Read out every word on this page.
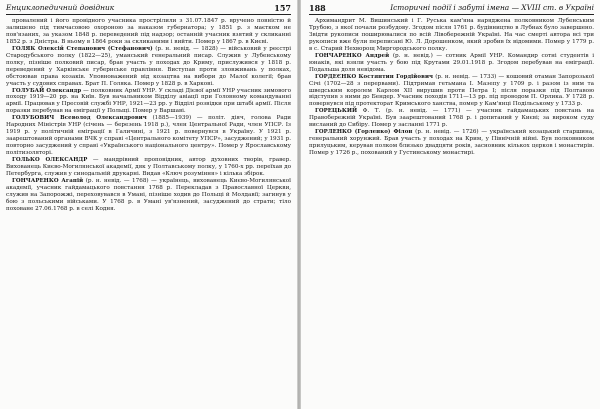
Енциклопедичний довідник	157

провалений і його провідного учасника прострілили з 31.07.1847 р. вручено повністю й залишено під тимчасовою охороною за наказом губернатора; у 1851 р. з маєтком не пов'язаних, за указом 1848 р. переведений під надзор; останній учасник взятий у скликанні 1852 р. з Дністра. В ньому в 1864 роки за скликаними і вийти. Помер у 1867 р. в Києві.

ГОЛЯК Олексій Степанович (Стефанович) (р. н. невід. — 1828) — військовий у реєстрі Стародубського полку (1822—25), уманський генеральний писар. Служив у Лубенському полку, пізніше полковий писар, брав участь у походах до Криму, прислужився у 1818 р. переведений у Харківське губернське правління. Виступав проти зловживань у полках, обстоював права козаків. Уповноважений від козацтва на вибори до Малої колегії; брав участь у судових справах. Брат П. Голяка. Помер у 1828 р. в Харкові.

ГОЛУБАЙ Олександр — полковник Армії УНР. У складі Дієвої армії УНР учасник зимового походу 1919—20 рр. на Київ. Був начальником Відділу авіації при Головному командуванні армії. Працював у Пресовій службі УНР, 1921—23 рр. у Відділі розвідки при штабі армії. Після поразки перебував на еміграції у Польщі. Помер у Варшаві.

ГОЛУБОВИЧ Всеволод Олександрович (1885—1939) — політ. діяч, голова Ради Народних Міністрів УНР (січень — березень 1918 р.), член Центральної Ради, член УПСР. Із 1919 р. у політичній еміграції в Галичині, з 1921 р. повернувся в Україну. У 1921 р. заарештований органами ВЧК у справі «Центрального комітету УПСР», засуджений; у 1931 р. повторно засуджений у справі «Українського національного центру». Помер у Ярославському політизоляторі.

ГОЛЬКО ОЛЕКСАНДР — мандрівний проповідник, автор духовних творів, гравер. Вихованець Києво-Могилянської академії, дяк у Полтавському полку, у 1760-х рр. переїхав до Петербурга, служив у синодальній друкарні. Видав «Ключ розуміння» і кілька збірок.

ГОНЧАРЕНКО Агапій (р. н. невід. — 1768) — українець, вихованець Києво-Могилянської академії, учасник гайдамацького повстання 1768 р. Перекладав з Православної Церкви, служив на Запорожжі, переховувався в Умані, пізніше ходив до Польщі й Молдавії; загинув у бою з польськими військами. У 1768 р. в Умані ув'язнений, засуджений до страти; тіло поховане 27.06.1768 р. в селі Кодня.

188	Історичні події і забуті імена — XVIII ст. в Україні

Архимандрит М. Вишинський і Г. Руська кам'яна наряджена полковником Лубенським Трубою, з якої почали розбудову. Згодом після 1761 р. будівництво в Лубнах було завершено. Звідти рукописи поширювалися по всій Лівобережній Україні. На час смерті автора всі три рукописи вже були переписані Ю. Л. Дорошенком, який зробив їх відомими. Помер у 1779 р. в с. Старий Нехворощ Миргородського полку.

ГОНЧАРЕНКО Андрей (р. н. невід.) — сотник Армії УНР. Командир сотні студентів і юнаків, які взяли участь у бою під Крутами 29.01.1918 р. Згодом перебував на еміграції. Подальша доля невідома.

ГОРДЕЄНКО Костянтин Гордійович (р. н. невід. — 1733) — кошовий отаман Запорозької Січі (1702—28 з перервами). Підтримав гетьмана І. Мазепу у 1709 р. і разом із ним та шведським королем Карлом XII вирушив проти Петра I; після поразки під Полтавою відступив з ними до Бендер. Учасник походів 1711—13 рр. під проводом П. Орлика. У 1728 р. повернувся під протекторат Кримського ханства, помер у Кам'янці Подільському у 1733 р.

ГОРЕЦЬКИЙ Ф. Т. (р. н. невід. — 1771) — учасник гайдамацьких повстань на Правобережній Україні. Був заарештований 1768 р. і допитаний у Києві; за вироком суду висланий до Сибіру. Помер у засланні 1771 р.

ГОРЛЕНКО (Горленко) Філон (р. н. невід. — 1726) — український козацький старшина, генеральний хорунжий. Брав участь у походах на Крим, у Північній війні. Був полковником прилуцьким, керував полком близько двадцяти років, засновник кількох церков і монастирів. Помер у 1726 р., похований у Густинському монастирі.
